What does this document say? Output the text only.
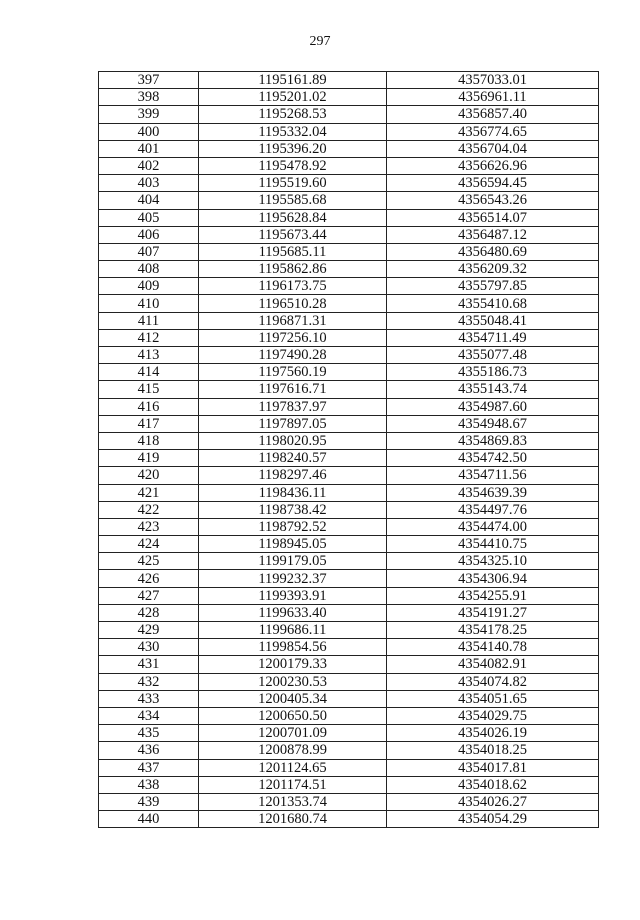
297
397	1195161.89	4357033.01
398	1195201.02	4356961.11
399	1195268.53	4356857.40
400	1195332.04	4356774.65
401	1195396.20	4356704.04
402	1195478.92	4356626.96
403	1195519.60	4356594.45
404	1195585.68	4356543.26
405	1195628.84	4356514.07
406	1195673.44	4356487.12
407	1195685.11	4356480.69
408	1195862.86	4356209.32
409	1196173.75	4355797.85
410	1196510.28	4355410.68
411	1196871.31	4355048.41
412	1197256.10	4354711.49
413	1197490.28	4355077.48
414	1197560.19	4355186.73
415	1197616.71	4355143.74
416	1197837.97	4354987.60
417	1197897.05	4354948.67
418	1198020.95	4354869.83
419	1198240.57	4354742.50
420	1198297.46	4354711.56
421	1198436.11	4354639.39
422	1198738.42	4354497.76
423	1198792.52	4354474.00
424	1198945.05	4354410.75
425	1199179.05	4354325.10
426	1199232.37	4354306.94
427	1199393.91	4354255.91
428	1199633.40	4354191.27
429	1199686.11	4354178.25
430	1199854.56	4354140.78
431	1200179.33	4354082.91
432	1200230.53	4354074.82
433	1200405.34	4354051.65
434	1200650.50	4354029.75
435	1200701.09	4354026.19
436	1200878.99	4354018.25
437	1201124.65	4354017.81
438	1201174.51	4354018.62
439	1201353.74	4354026.27
440	1201680.74	4354054.29
